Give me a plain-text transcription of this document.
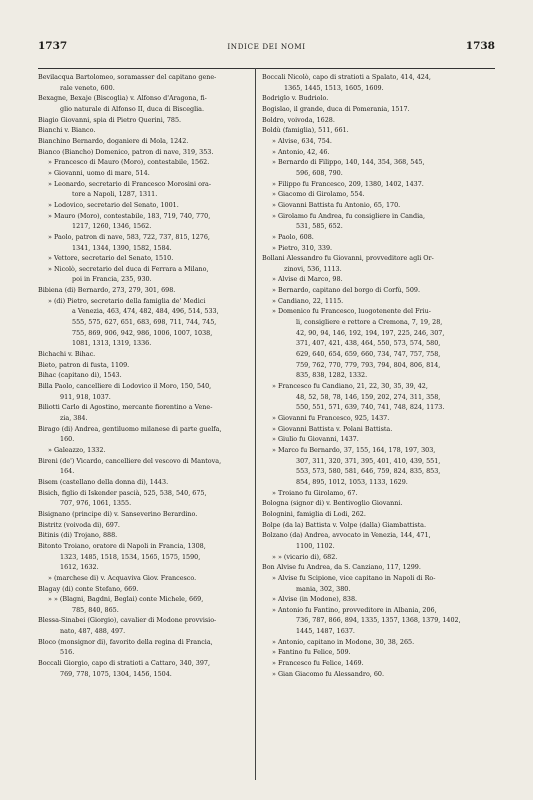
1737	INDICE DEI NOMI	1738
Bevilacqua Bartolomeo, soramasser del capitano gene-
rale veneto, 600.
Bexagne, Bexaje (Biscoglia) v. Alfonso d'Aragona, fi-
glio naturale di Alfonso II, duca di Bisceglia.
Biagio Giovanni, spia di Pietro Querini, 785.
Bianchi v. Bianco.
Bianchino Bernardo, doganiere di Mola, 1242.
Bianco (Biancho) Domenico, patron di nave, 319, 353.
» Francesco di Mauro (Moro), contestabile, 1562.
» Giovanni, uomo di mare, 514.
» Leonardo, secretario di Francesco Morosini ora-
tore a Napoli, 1287, 1311.
» Lodovico, secretario del Senato, 1001.
» Mauro (Moro), contestabile, 183, 719, 740, 770,
1217, 1260, 1346, 1562.
» Paolo, patron di nave, 583, 722, 737, 815, 1276,
1341, 1344, 1390, 1582, 1584.
» Vettore, secretario del Senato, 1510.
» Nicolò, secretario del duca di Ferrara a Milano,
poi in Francia, 235, 930.
Bibiena (di) Bernardo, 273, 279, 301, 698.
» (di) Pietro, secretario della famiglia de' Medici
a Venezia, 463, 474, 482, 484, 496, 514, 533,
555, 575, 627, 651, 683, 698, 711, 744, 745,
755, 869, 906, 942, 986, 1006, 1007, 1038,
1081, 1313, 1319, 1336.
Bichachi v. Bihac.
Bieto, patron di fusta, 1109.
Bihac (capitano di), 1543.
Billa Paolo, cancelliere di Lodovico il Moro, 150, 540,
911, 918, 1037.
Biliotti Carlo di Agostino, mercante fiorentino a Vene-
zia, 384.
Birago (di) Andrea, gentiluomo milanese di parte guelfa,
160.
» Galeazzo, 1332.
Bireni (de') Vicardo, cancelliere del vescovo di Mantova,
164.
Bisem (castellano della donna di), 1443.
Bisich, figlio di Iskender pascià, 525, 538, 540, 675,
707, 976, 1061, 1355.
Bisignano (principe di) v. Sanseverino Berardino.
Bistritz (voivoda di), 697.
Bitinis (di) Trojano, 888.
Bitonto Troiano, oratore di Napoli in Francia, 1308,
1323, 1485, 1518, 1534, 1565, 1575, 1590,
1612, 1632.
» (marchese di) v. Acquaviva Giov. Francesco.
Blagay (di) conte Stefano, 669.
» » (Blagni, Bagdni, Beglai) conte Michele, 669,
785, 840, 865.
Blessa-Sinabei (Giorgio), cavalier di Modone provvisio-
nato, 487, 488, 497.
Bloco (monsignor di), favorito della regina di Francia,
516.
Boccali Giorgio, capo di stratioti a Cattaro, 340, 397,
769, 778, 1075, 1304, 1456, 1504.
Boccali Nicolò, capo di stratioti a Spalato, 414, 424,
1365, 1445, 1513, 1605, 1609.
Bodriglo v. Budriolo.
Bogislao, il grande, duca di Pomerania, 1517.
Boldro, voivoda, 1628.
Boldù (famiglia), 511, 661.
» Alvise, 634, 754.
» Antonio, 42, 46.
» Bernardo di Filippo, 140, 144, 354, 368, 545,
596, 608, 790.
» Filippo fu Francesco, 209, 1380, 1402, 1437.
» Giacomo di Girolamo, 554.
» Giovanni Battista fu Antonio, 65, 170.
» Girolamo fu Andrea, fu consigliere in Candia,
531, 585, 652.
» Paolo, 608.
» Pietro, 310, 339.
Bollani Alessandro fu Giovanni, provveditore agli Or-
zinovi, 536, 1113.
» Alvise di Marco, 98.
» Bernardo, capitano del borgo di Corfù, 509.
» Candiano, 22, 1115.
» Domenico fu Francesco, luogotenente del Friu-
li, consigliere e rettore a Cremona, 7, 19, 28,
42, 90, 94, 146, 192, 194, 197, 225, 246, 307,
371, 407, 421, 438, 464, 550, 573, 574, 580,
629, 640, 654, 659, 660, 734, 747, 757, 758,
759, 762, 770, 779, 793, 794, 804, 806, 814,
835, 838, 1282, 1332.
» Francesco fu Candiano, 21, 22, 30, 35, 39, 42,
48, 52, 58, 78, 146, 159, 202, 274, 311, 358,
550, 551, 571, 639, 740, 741, 748, 824, 1173.
» Giovanni fu Francesco, 925, 1437.
» Giovanni Battista v. Polani Battista.
» Giulio fu Giovanni, 1437.
» Marco fu Bernardo, 37, 155, 164, 178, 197, 303,
307, 311, 320, 371, 395, 401, 410, 439, 551,
553, 573, 580, 581, 646, 759, 824, 835, 853,
854, 895, 1012, 1053, 1133, 1629.
» Troiano fu Girolamo, 67.
Bologna (signor di) v. Bentivoglio Giovanni.
Bolognini, famiglia di Lodi, 262.
Bolpe (da la) Battista v. Volpe (dalla) Giambattista.
Bolzano (da) Andrea, avvocato in Venezia, 144, 471,
1100, 1102.
» » (vicario di), 682.
Bon Alvise fu Andrea, da S. Canziano, 117, 1299.
» Alvise fu Scipione, vice capitano in Napoli di Ro-
mania, 302, 380.
» Alvise (in Modone), 838.
» Antonio fu Fantino, provveditore in Albania, 206,
736, 787, 866, 894, 1335, 1357, 1368, 1379, 1402,
1445, 1487, 1637.
» Antonio, capitano in Modone, 30, 38, 265.
» Fantino fu Felice, 509.
» Francesco fu Felice, 1469.
» Gian Giacomo fu Alessandro, 60.
